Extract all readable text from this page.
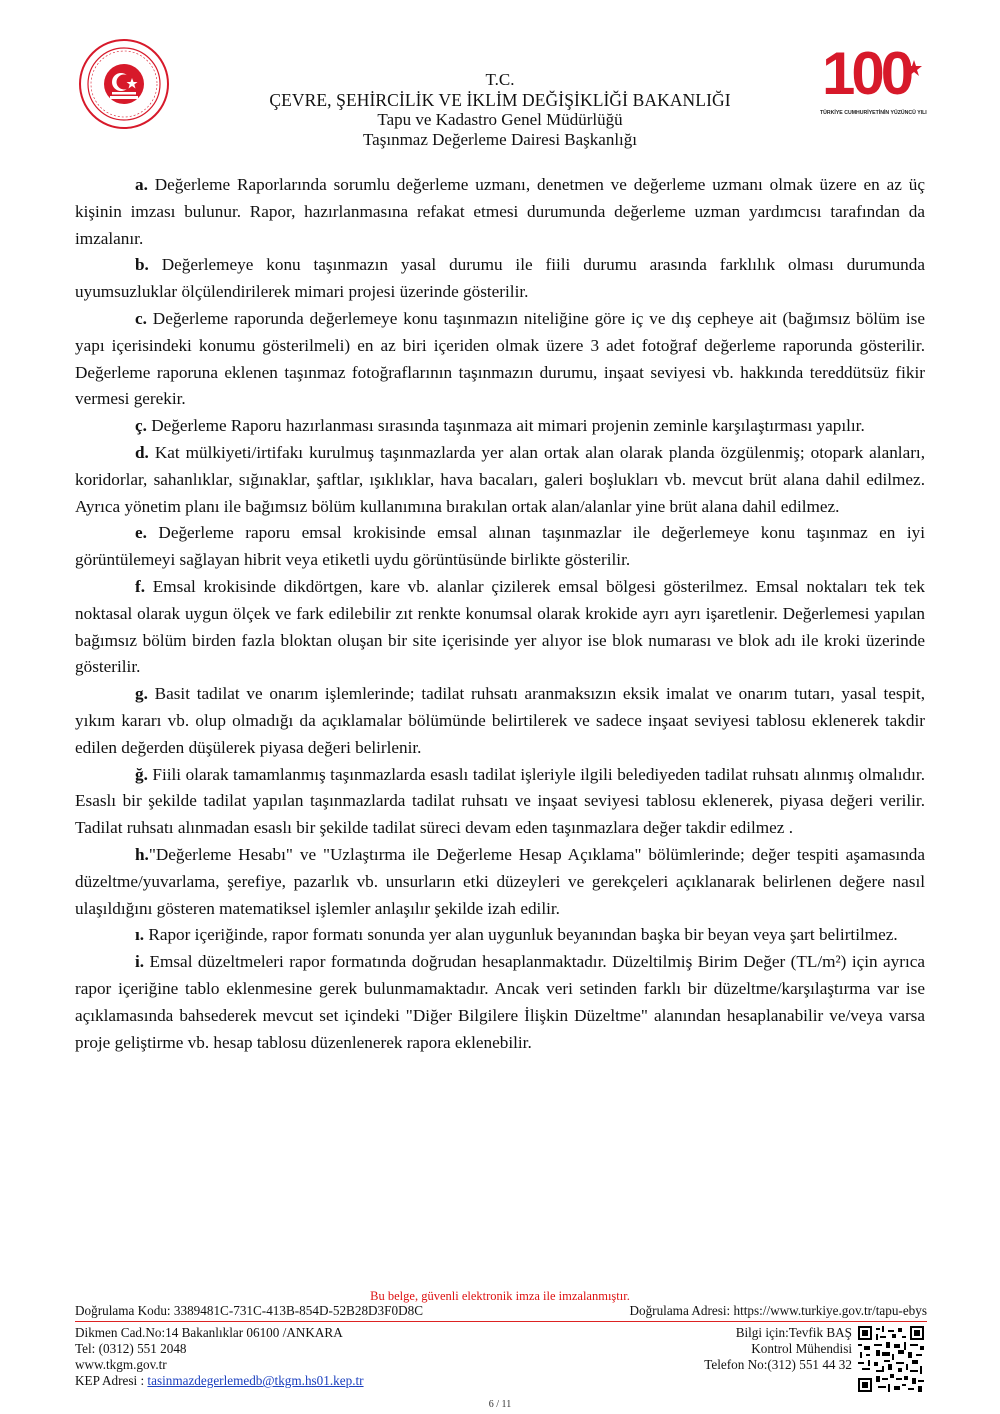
T.C.
ÇEVRE, ŞEHİRCİLİK VE İKLİM DEĞİŞİKLİĞİ BAKANLIĞI
Tapu ve Kadastro Genel Müdürlüğü
Taşınmaz Değerleme Dairesi Başkanlığı
100
TÜRKİYE CUMHURİYETİNİN YÜZÜNCÜ YILI

a. Değerleme Raporlarında sorumlu değerleme uzmanı, denetmen ve değerleme uzmanı olmak üzere en az üç kişinin imzası bulunur. Rapor, hazırlanmasına refakat etmesi durumunda değerleme uzman yardımcısı tarafından da imzalanır.

b. Değerlemeye konu taşınmazın yasal durumu ile fiili durumu arasında farklılık olması durumunda uyumsuzluklar ölçülendirilerek mimari projesi üzerinde gösterilir.

c. Değerleme raporunda değerlemeye konu taşınmazın niteliğine göre iç ve dış cepheye ait (bağımsız bölüm ise yapı içerisindeki konumu gösterilmeli) en az biri içeriden olmak üzere 3 adet fotoğraf değerleme raporunda gösterilir. Değerleme raporuna eklenen taşınmaz fotoğraflarının taşınmazın durumu, inşaat seviyesi vb. hakkında tereddütsüz fikir vermesi gerekir.

ç. Değerleme Raporu hazırlanması sırasında taşınmaza ait mimari projenin zeminle karşılaştırması yapılır.

d. Kat mülkiyeti/irtifakı kurulmuş taşınmazlarda yer alan ortak alan olarak planda özgülenmiş; otopark alanları, koridorlar, sahanlıklar, sığınaklar, şaftlar, ışıklıklar, hava bacaları, galeri boşlukları vb. mevcut brüt alana dahil edilmez. Ayrıca yönetim planı ile bağımsız bölüm kullanımına bırakılan ortak alan/alanlar yine brüt alana dahil edilmez.

e. Değerleme raporu emsal krokisinde emsal alınan taşınmazlar ile değerlemeye konu taşınmaz en iyi görüntülemeyi sağlayan hibrit veya etiketli uydu görüntüsünde birlikte gösterilir.

f. Emsal krokisinde dikdörtgen, kare vb. alanlar çizilerek emsal bölgesi gösterilmez. Emsal noktaları tek tek noktasal olarak uygun ölçek ve fark edilebilir zıt renkte konumsal olarak krokide ayrı ayrı işaretlenir. Değerlemesi yapılan bağımsız bölüm birden fazla bloktan oluşan bir site içerisinde yer alıyor ise blok numarası ve blok adı ile kroki üzerinde gösterilir.

g. Basit tadilat ve onarım işlemlerinde; tadilat ruhsatı aranmaksızın eksik imalat ve onarım tutarı, yasal tespit, yıkım kararı vb. olup olmadığı da açıklamalar bölümünde belirtilerek ve sadece inşaat seviyesi tablosu eklenerek takdir edilen değerden düşülerek piyasa değeri belirlenir.

ğ. Fiili olarak tamamlanmış taşınmazlarda esaslı tadilat işleriyle ilgili belediyeden tadilat ruhsatı alınmış olmalıdır. Esaslı bir şekilde tadilat yapılan taşınmazlarda tadilat ruhsatı ve inşaat seviyesi tablosu eklenerek, piyasa değeri verilir. Tadilat ruhsatı alınmadan esaslı bir şekilde tadilat süreci devam eden taşınmazlara değer takdir edilmez .

h."Değerleme Hesabı" ve "Uzlaştırma ile Değerleme Hesap Açıklama" bölümlerinde; değer tespiti aşamasında düzeltme/yuvarlama, şerefiye, pazarlık vb. unsurların etki düzeyleri ve gerekçeleri açıklanarak belirlenen değere nasıl ulaşıldığını gösteren matematiksel işlemler anlaşılır şekilde izah edilir.

ı. Rapor içeriğinde, rapor formatı sonunda yer alan uygunluk beyanından başka bir beyan veya şart belirtilmez.

i. Emsal düzeltmeleri rapor formatında doğrudan hesaplanmaktadır. Düzeltilmiş Birim Değer (TL/m²) için ayrıca rapor içeriğine tablo eklenmesine gerek bulunmamaktadır. Ancak veri setinden farklı bir düzeltme/karşılaştırma var ise açıklamasında bahsederek mevcut set içindeki "Diğer Bilgilere İlişkin Düzeltme" alanından hesaplanabilir ve/veya varsa proje geliştirme vb. hesap tablosu düzenlenerek rapora eklenebilir.

Bu belge, güvenli elektronik imza ile imzalanmıştır.
Doğrulama Kodu: 3389481C-731C-413B-854D-52B28D3F0D8C	Doğrulama Adresi: https://www.turkiye.gov.tr/tapu-ebys
Dikmen Cad.No:14 Bakanlıklar 06100 /ANKARA
Tel: (0312) 551 2048
www.tkgm.gov.tr
KEP Adresi : tasinmazdegerlemedb@tkgm.hs01.kep.tr
Bilgi için:Tevfik BAŞ
Kontrol Mühendisi
Telefon No:(312) 551 44 32
6 / 11
